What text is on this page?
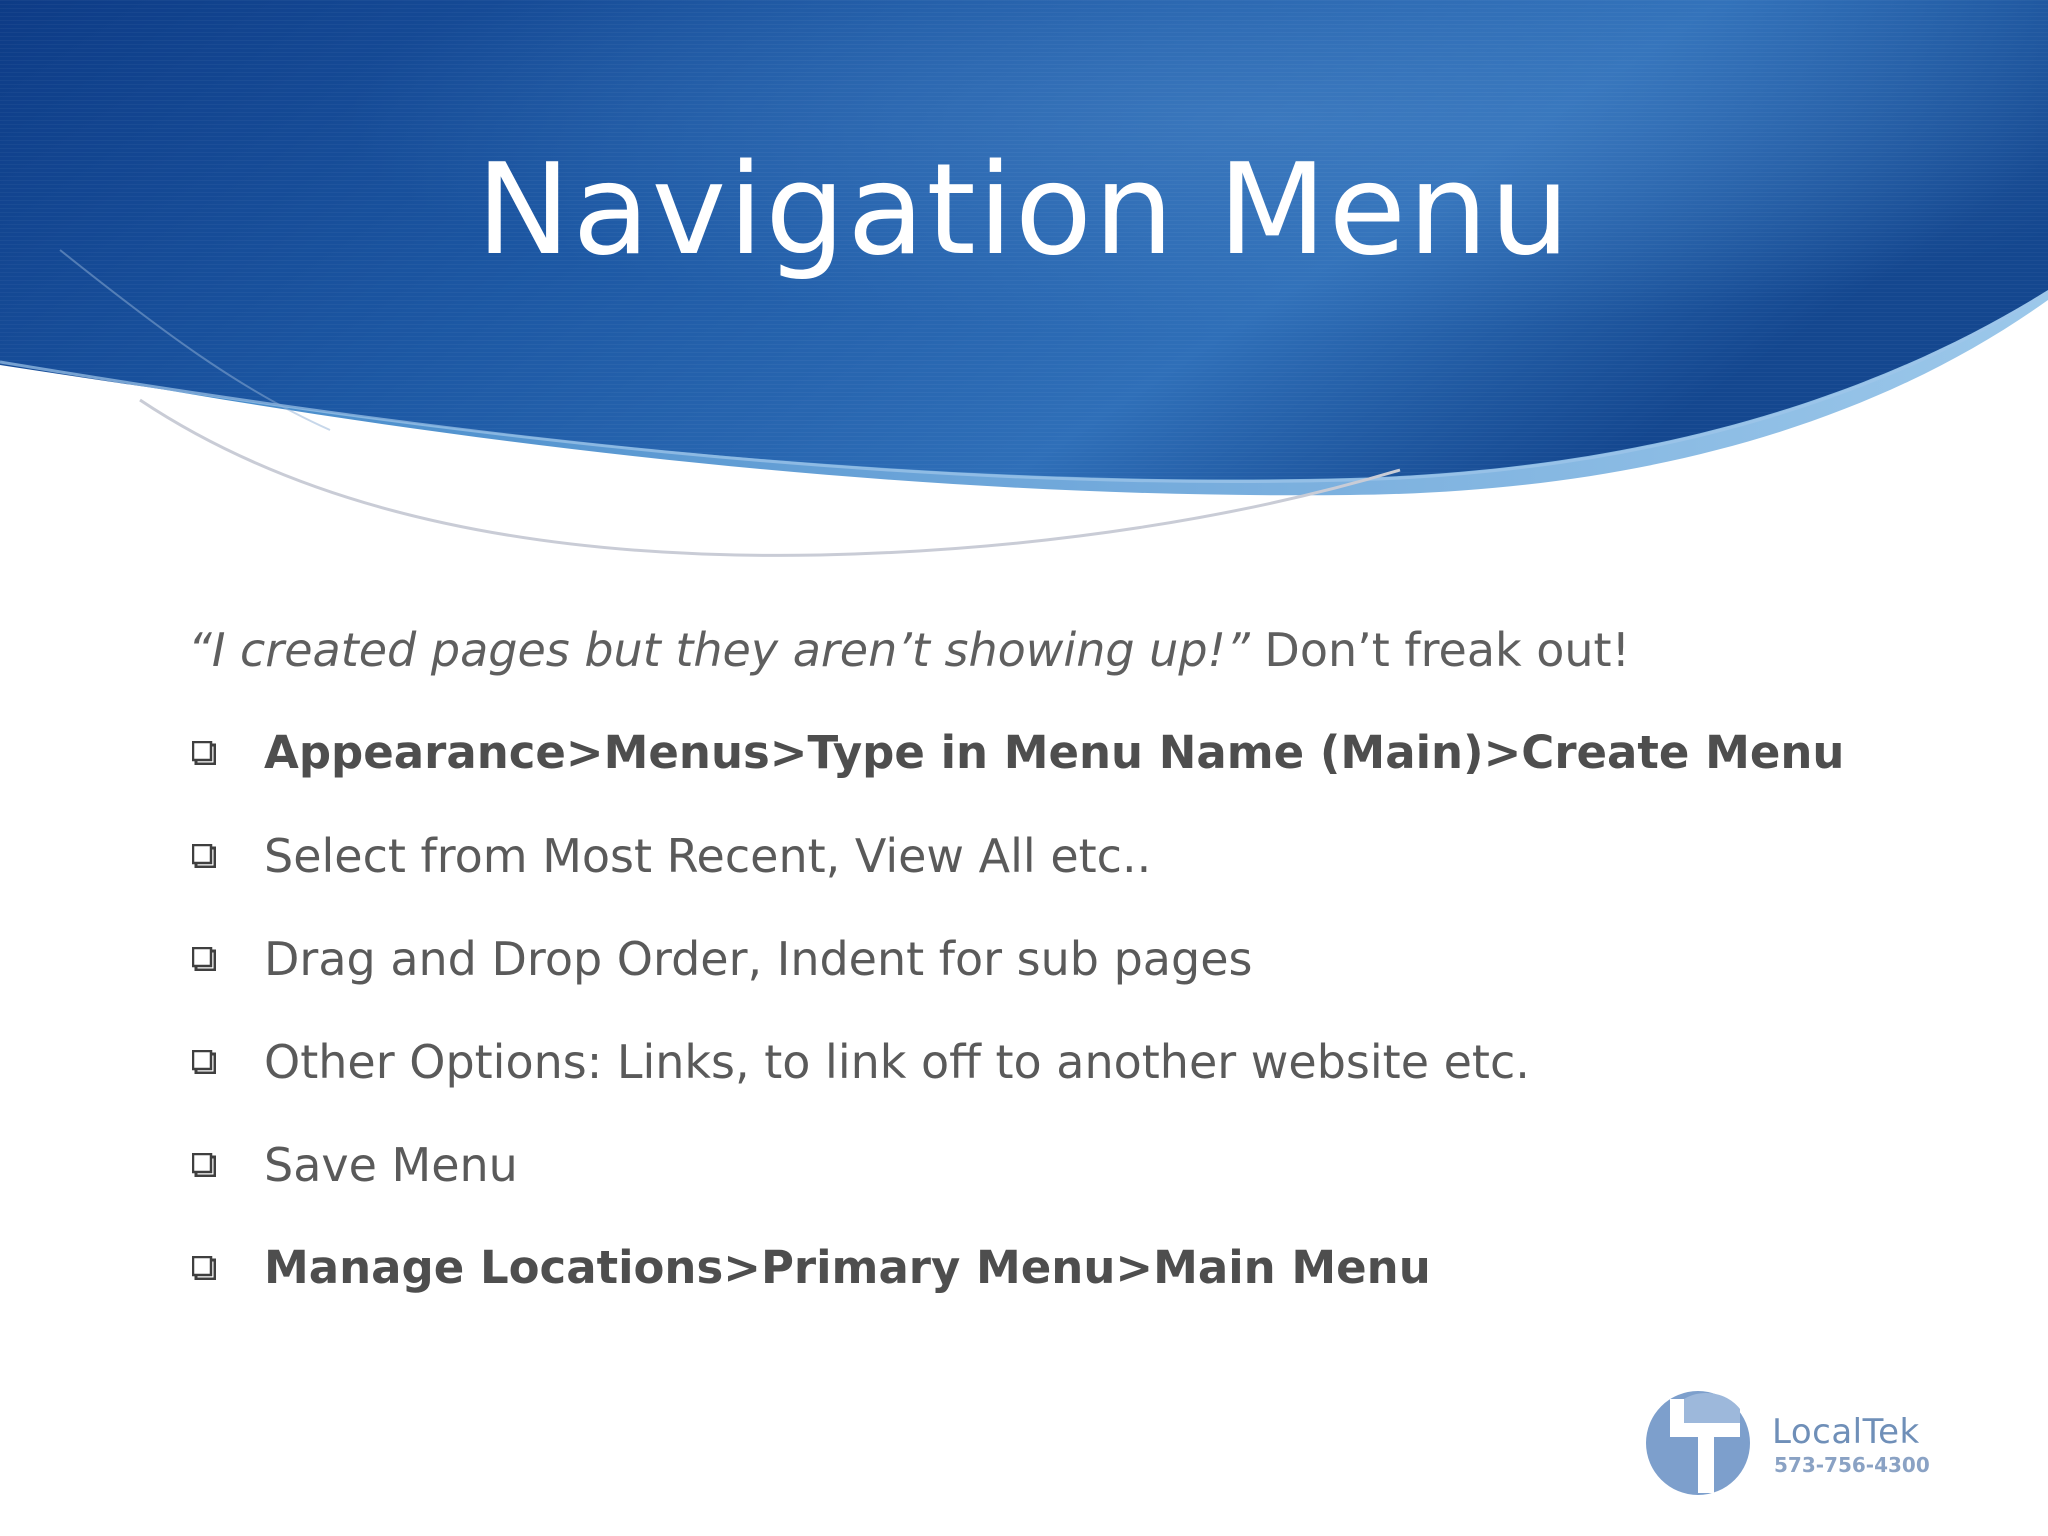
Navigation Menu

“I created pages but they aren’t showing up!” Don’t freak out!

Appearance>Menus>Type in Menu Name (Main)>Create Menu
Select from Most Recent, View All etc..
Drag and Drop Order, Indent for sub pages
Other Options: Links, to link off to another website etc.
Save Menu
Manage Locations>Primary Menu>Main Menu
LocalTek
573-756-4300
